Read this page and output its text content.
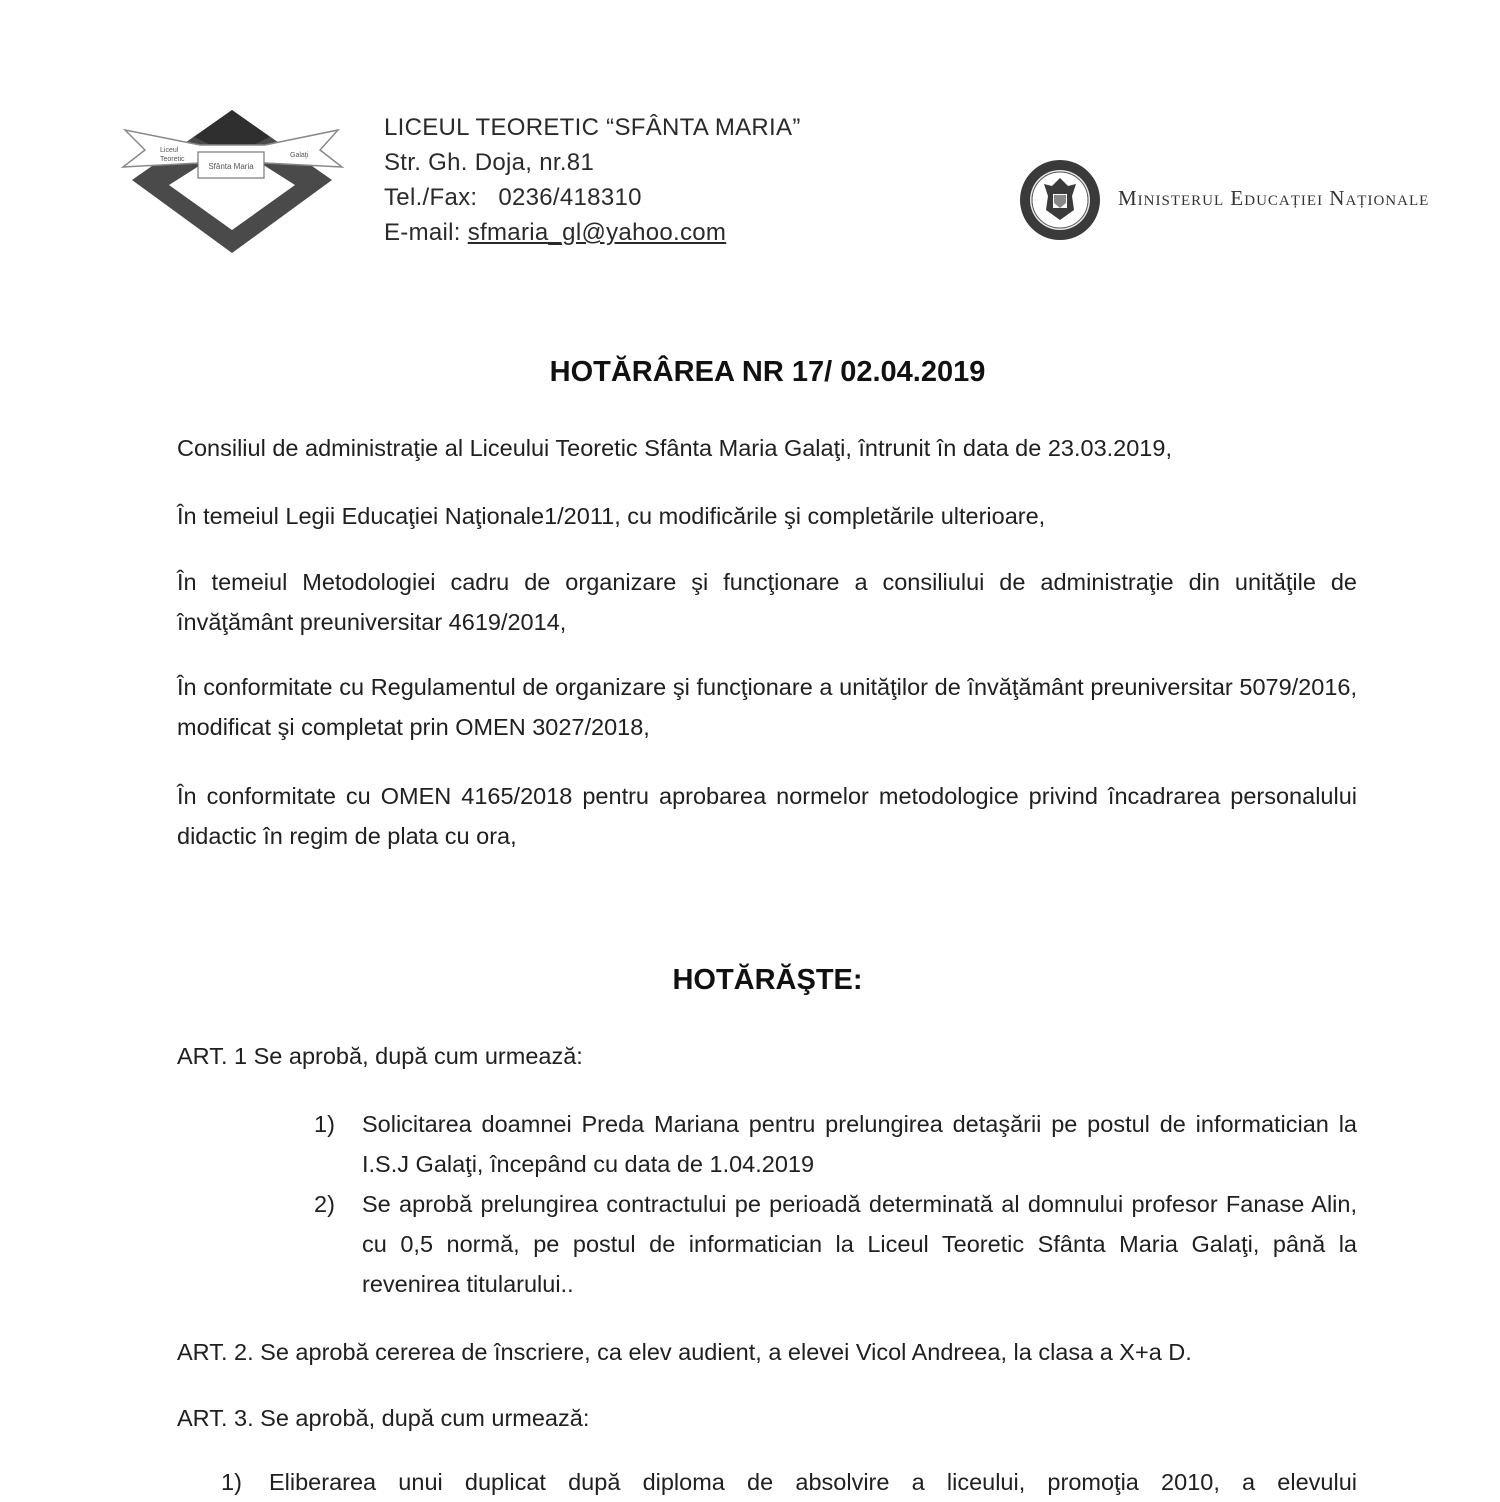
Sfânta Maria
Liceul
Teoretic
Galaţi
LICEUL TEORETIC “SFÂNTA MARIA”
Str. Gh. Doja, nr.81
Tel./Fax: 0236/418310
E-mail: sfmaria_gl@yahoo.com
Ministerul Educației Naționale
HOTĂRÂREA NR 17/ 02.04.2019
Consiliul de administraţie al Liceului Teoretic Sfânta Maria Galaţi, întrunit în data de 23.03.2019,
În temeiul Legii Educaţiei Naţionale1/2011, cu modificările şi completările ulterioare,
În temeiul Metodologiei cadru de organizare şi funcţionare a consiliului de administraţie din unităţile de învăţământ preuniversitar 4619/2014,
În conformitate cu Regulamentul de organizare şi funcţionare a unităţilor de învăţământ preuniversitar 5079/2016, modificat şi completat prin OMEN 3027/2018,
În conformitate cu OMEN 4165/2018 pentru aprobarea normelor metodologice privind încadrarea personalului didactic în regim de plata cu ora,
HOTĂRĂŞTE:
ART. 1 Se aprobă, după cum urmează:
1)	Solicitarea doamnei Preda Mariana pentru prelungirea detaşării pe postul de informatician la I.S.J Galaţi, începând cu data de 1.04.2019
2)	Se aprobă prelungirea contractului pe perioadă determinată al domnului profesor Fanase Alin, cu 0,5 normă, pe postul de informatician la Liceul Teoretic Sfânta Maria Galaţi, până la revenirea titularului..
ART. 2. Se aprobă cererea de înscriere, ca elev audient, a elevei Vicol Andreea, la clasa a X+a D.
ART. 3. Se aprobă, după cum urmează:
1)	Eliberarea unui duplicat după diploma de absolvire a liceului, promoţia 2010, a elevului
